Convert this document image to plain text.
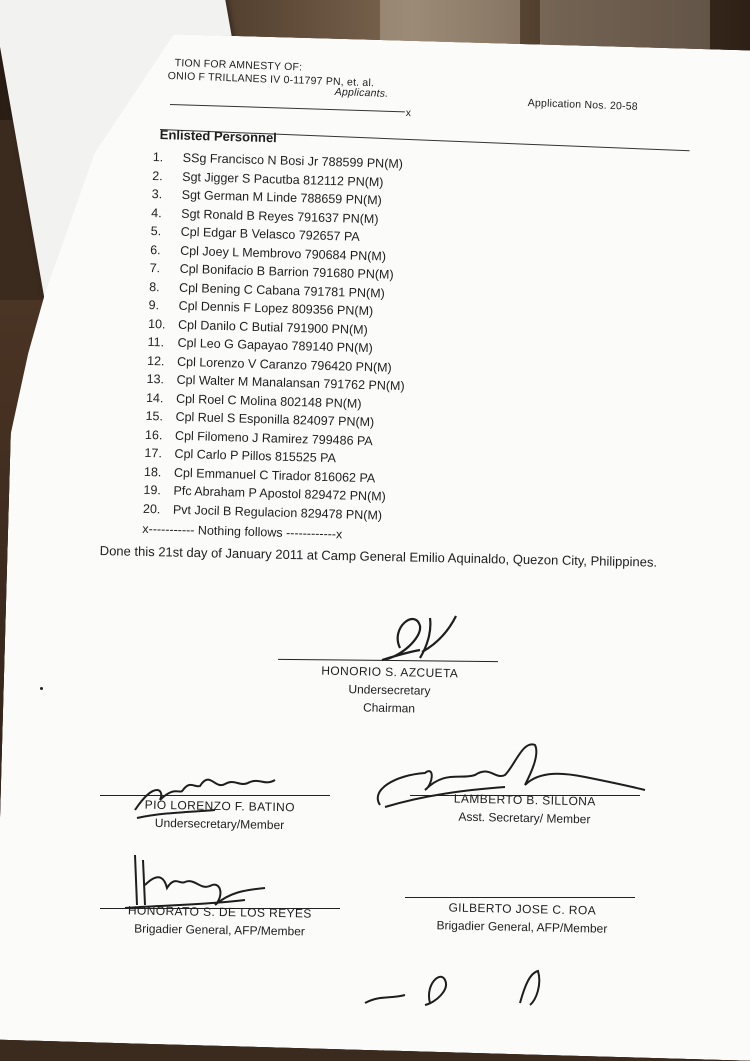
TION FOR AMNESTY OF:
ONIO F TRILLANES IV 0-11797 PN, et. al.
Applicants.
x
Application Nos. 20-58
Enlisted Personnel
1. SSg Francisco N Bosi Jr 788599 PN(M)
2. Sgt Jigger S Pacutba 812112 PN(M)
3. Sgt German M Linde 788659 PN(M)
4. Sgt Ronald B Reyes 791637 PN(M)
5. Cpl Edgar B Velasco 792657 PA
6. Cpl Joey L Membrovo 790684 PN(M)
7. Cpl Bonifacio B Barrion 791680 PN(M)
8. Cpl Bening C Cabana 791781 PN(M)
9. Cpl Dennis F Lopez 809356 PN(M)
10. Cpl Danilo C Butial 791900 PN(M)
11. Cpl Leo G Gapayao 789140 PN(M)
12. Cpl Lorenzo V Caranzo 796420 PN(M)
13. Cpl Walter M Manalansan 791762 PN(M)
14. Cpl Roel C Molina 802148 PN(M)
15. Cpl Ruel S Esponilla 824097 PN(M)
16. Cpl Filomeno J Ramirez 799486 PA
17. Cpl Carlo P Pillos 815525 PA
18. Cpl Emmanuel C Tirador 816062 PA
19. Pfc Abraham P Apostol 829472 PN(M)
20. Pvt Jocil B Regulacion 829478 PN(M)
x----------- Nothing follows ------------x
Done this 21st day of January 2011 at Camp General Emilio Aquinaldo, Quezon City, Philippines.
HONORIO S. AZCUETA
Undersecretary
Chairman
PIO LORENZO F. BATINO
Undersecretary/Member
LAMBERTO B. SILLONA
Asst. Secretary/ Member
HONORATO S. DE LOS REYES
Brigadier General, AFP/Member
GILBERTO JOSE C. ROA
Brigadier General, AFP/Member
